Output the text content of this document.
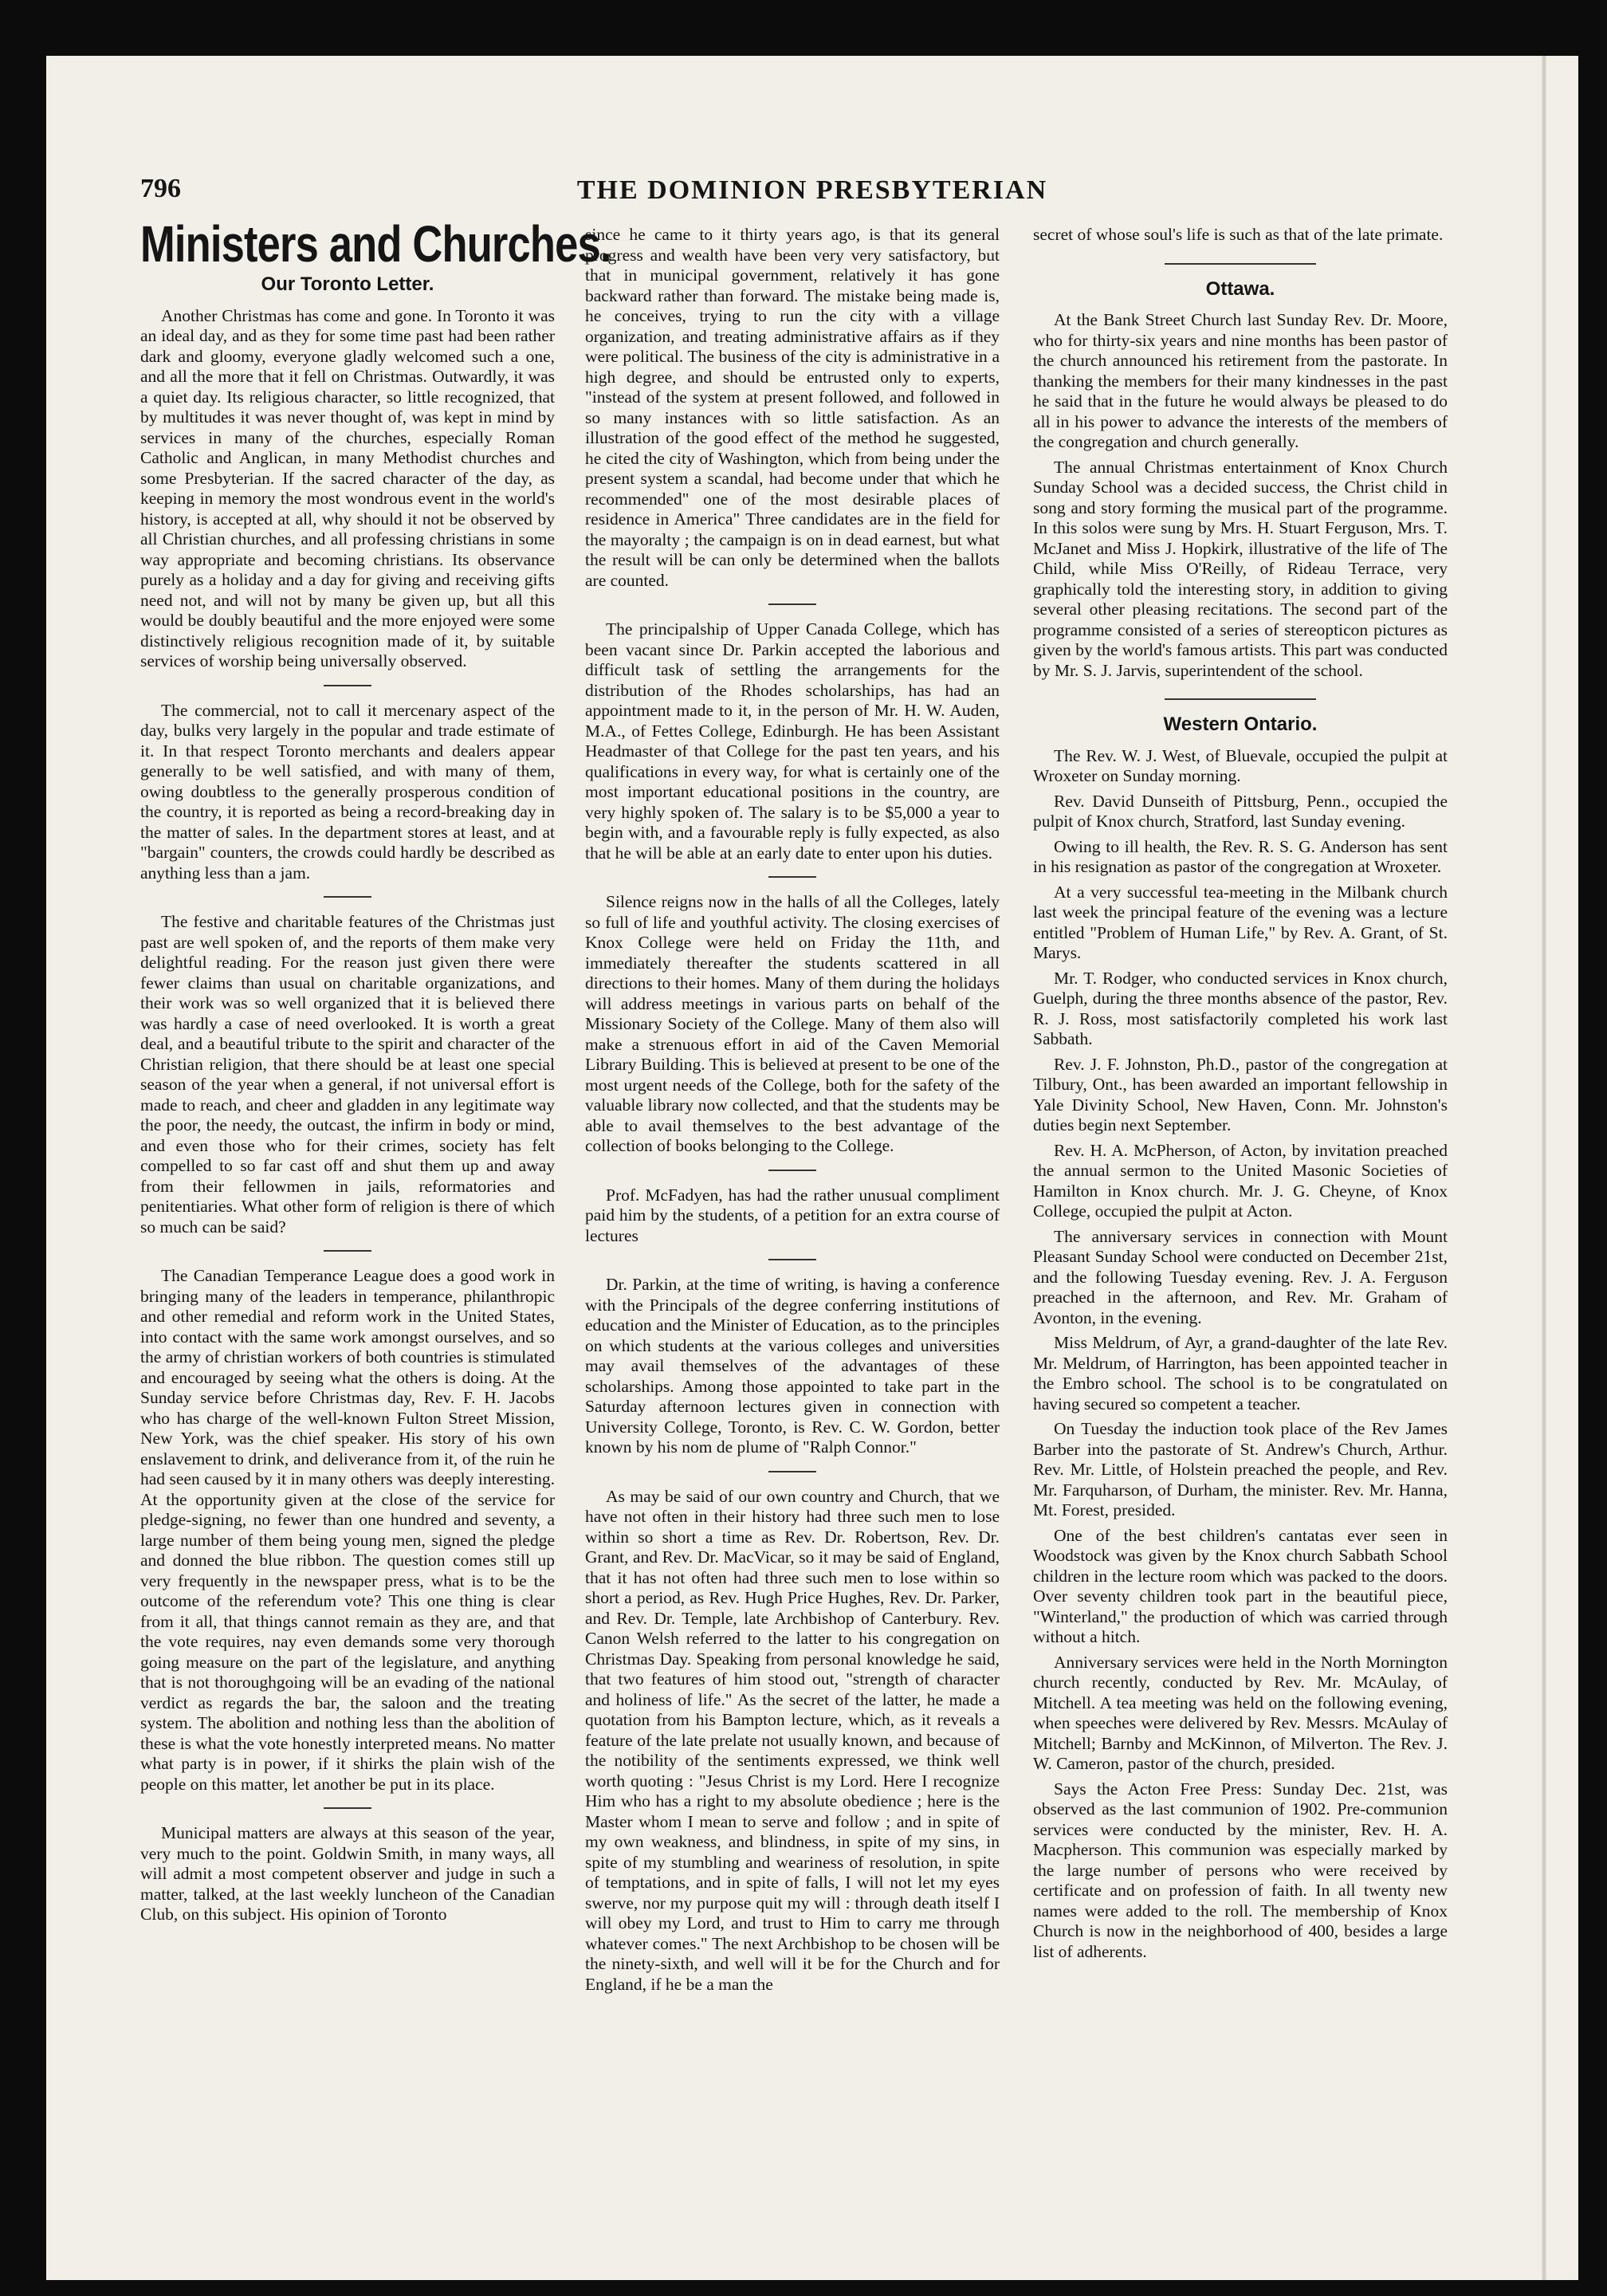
796	THE DOMINION PRESBYTERIAN
Ministers and Churches.
Our Toronto Letter.

Another Christmas has come and gone. In Toronto it was an ideal day, and as they for some time past had been rather dark and gloomy, everyone gladly welcomed such a one, and all the more that it fell on Christmas. Outwardly, it was a quiet day. Its religious character, so little recognized, that by multitudes it was never thought of, was kept in mind by services in many of the churches, especially Roman Catholic and Anglican, in many Methodist churches and some Presbyterian. If the sacred character of the day, as keeping in memory the most wondrous event in the world's history, is accepted at all, why should it not be observed by all Christian churches, and all professing christians in some way appropriate and becoming christians. Its observance purely as a holiday and a day for giving and receiving gifts need not, and will not by many be given up, but all this would be doubly beautiful and the more enjoyed were some distinctively religious recognition made of it, by suitable services of worship being universally observed.

The commercial, not to call it mercenary aspect of the day, bulks very largely in the popular and trade estimate of it. In that respect Toronto merchants and dealers appear generally to be well satisfied, and with many of them, owing doubtless to the generally prosperous condition of the country, it is reported as being a record-breaking day in the matter of sales. In the department stores at least, and at "bargain" counters, the crowds could hardly be described as anything less than a jam.

The festive and charitable features of the Christmas just past are well spoken of, and the reports of them make very delightful reading. For the reason just given there were fewer claims than usual on charitable organizations, and their work was so well organized that it is believed there was hardly a case of need overlooked. It is worth a great deal, and a beautiful tribute to the spirit and character of the Christian religion, that there should be at least one special season of the year when a general, if not universal effort is made to reach, and cheer and gladden in any legitimate way the poor, the needy, the outcast, the infirm in body or mind, and even those who for their crimes, society has felt compelled to so far cast off and shut them up and away from their fellowmen in jails, reformatories and penitentiaries. What other form of religion is there of which so much can be said?

The Canadian Temperance League does a good work in bringing many of the leaders in temperance, philanthropic and other remedial and reform work in the United States, into contact with the same work amongst ourselves, and so the army of christian workers of both countries is stimulated and encouraged by seeing what the others is doing. At the Sunday service before Christmas day, Rev. F. H. Jacobs who has charge of the well-known Fulton Street Mission, New York, was the chief speaker. His story of his own enslavement to drink, and deliverance from it, of the ruin he had seen caused by it in many others was deeply interesting. At the opportunity given at the close of the service for pledge-signing, no fewer than one hundred and seventy, a large number of them being young men, signed the pledge and donned the blue ribbon. The question comes still up very frequently in the newspaper press, what is to be the outcome of the referendum vote? This one thing is clear from it all, that things cannot remain as they are, and that the vote requires, nay even demands some very thorough going measure on the part of the legislature, and anything that is not thoroughgoing will be an evading of the national verdict as regards the bar, the saloon and the treating system. The abolition and nothing less than the abolition of these is what the vote honestly interpreted means. No matter what party is in power, if it shirks the plain wish of the people on this matter, let another be put in its place.

Municipal matters are always at this season of the year, very much to the point. Goldwin Smith, in many ways, all will admit a most competent observer and judge in such a matter, talked, at the last weekly luncheon of the Canadian Club, on this subject. His opinion of Toronto

since he came to it thirty years ago, is that its general progress and wealth have been very very satisfactory, but that in municipal government, relatively it has gone backward rather than forward. The mistake being made is, he conceives, trying to run the city with a village organization, and treating administrative affairs as if they were political. The business of the city is administrative in a high degree, and should be entrusted only to experts, "instead of the system at present followed, and followed in so many instances with so little satisfaction. As an illustration of the good effect of the method he suggested, he cited the city of Washington, which from being under the present system a scandal, had become under that which he recommended" one of the most desirable places of residence in America" Three candidates are in the field for the mayoralty ; the campaign is on in dead earnest, but what the result will be can only be determined when the ballots are counted.

The principalship of Upper Canada College, which has been vacant since Dr. Parkin accepted the laborious and difficult task of settling the arrangements for the distribution of the Rhodes scholarships, has had an appointment made to it, in the person of Mr. H. W. Auden, M.A., of Fettes College, Edinburgh. He has been Assistant Headmaster of that College for the past ten years, and his qualifications in every way, for what is certainly one of the most important educational positions in the country, are very highly spoken of. The salary is to be $5,000 a year to begin with, and a favourable reply is fully expected, as also that he will be able at an early date to enter upon his duties.

Silence reigns now in the halls of all the Colleges, lately so full of life and youthful activity. The closing exercises of Knox College were held on Friday the 11th, and immediately thereafter the students scattered in all directions to their homes. Many of them during the holidays will address meetings in various parts on behalf of the Missionary Society of the College. Many of them also will make a strenuous effort in aid of the Caven Memorial Library Building. This is believed at present to be one of the most urgent needs of the College, both for the safety of the valuable library now collected, and that the students may be able to avail themselves to the best advantage of the collection of books belonging to the College.

Prof. McFadyen, has had the rather unusual compliment paid him by the students, of a petition for an extra course of lectures

Dr. Parkin, at the time of writing, is having a conference with the Principals of the degree conferring institutions of education and the Minister of Education, as to the principles on which students at the various colleges and universities may avail themselves of the advantages of these scholarships. Among those appointed to take part in the Saturday afternoon lectures given in connection with University College, Toronto, is Rev. C. W. Gordon, better known by his nom de plume of "Ralph Connor."

As may be said of our own country and Church, that we have not often in their history had three such men to lose within so short a time as Rev. Dr. Robertson, Rev. Dr. Grant, and Rev. Dr. MacVicar, so it may be said of England, that it has not often had three such men to lose within so short a period, as Rev. Hugh Price Hughes, Rev. Dr. Parker, and Rev. Dr. Temple, late Archbishop of Canterbury. Rev. Canon Welsh referred to the latter to his congregation on Christmas Day. Speaking from personal knowledge he said, that two features of him stood out, "strength of character and holiness of life." As the secret of the latter, he made a quotation from his Bampton lecture, which, as it reveals a feature of the late prelate not usually known, and because of the notibility of the sentiments expressed, we think well worth quoting : "Jesus Christ is my Lord. Here I recognize Him who has a right to my absolute obedience ; here is the Master whom I mean to serve and follow ; and in spite of my own weakness, and blindness, in spite of my sins, in spite of my stumbling and weariness of resolution, in spite of temptations, and in spite of falls, I will not let my eyes swerve, nor my purpose quit my will : through death itself I will obey my Lord, and trust to Him to carry me through whatever comes." The next Archbishop to be chosen will be the ninety-sixth, and well will it be for the Church and for England, if he be a man the

secret of whose soul's life is such as that of the late primate.

Ottawa.

At the Bank Street Church last Sunday Rev. Dr. Moore, who for thirty-six years and nine months has been pastor of the church announced his retirement from the pastorate. In thanking the members for their many kindnesses in the past he said that in the future he would always be pleased to do all in his power to advance the interests of the members of the congregation and church generally.

The annual Christmas entertainment of Knox Church Sunday School was a decided success, the Christ child in song and story forming the musical part of the programme. In this solos were sung by Mrs. H. Stuart Ferguson, Mrs. T. McJanet and Miss J. Hopkirk, illustrative of the life of The Child, while Miss O'Reilly, of Rideau Terrace, very graphically told the interesting story, in addition to giving several other pleasing recitations. The second part of the programme consisted of a series of stereopticon pictures as given by the world's famous artists. This part was conducted by Mr. S. J. Jarvis, superintendent of the school.

Western Ontario.

The Rev. W. J. West, of Bluevale, occupied the pulpit at Wroxeter on Sunday morning.

Rev. David Dunseith of Pittsburg, Penn., occupied the pulpit of Knox church, Stratford, last Sunday evening.

Owing to ill health, the Rev. R. S. G. Anderson has sent in his resignation as pastor of the congregation at Wroxeter.

At a very successful tea-meeting in the Milbank church last week the principal feature of the evening was a lecture entitled "Problem of Human Life," by Rev. A. Grant, of St. Marys.

Mr. T. Rodger, who conducted services in Knox church, Guelph, during the three months absence of the pastor, Rev. R. J. Ross, most satisfactorily completed his work last Sabbath.

Rev. J. F. Johnston, Ph.D., pastor of the congregation at Tilbury, Ont., has been awarded an important fellowship in Yale Divinity School, New Haven, Conn. Mr. Johnston's duties begin next September.

Rev. H. A. McPherson, of Acton, by invitation preached the annual sermon to the United Masonic Societies of Hamilton in Knox church. Mr. J. G. Cheyne, of Knox College, occupied the pulpit at Acton.

The anniversary services in connection with Mount Pleasant Sunday School were conducted on December 21st, and the following Tuesday evening. Rev. J. A. Ferguson preached in the afternoon, and Rev. Mr. Graham of Avonton, in the evening.

Miss Meldrum, of Ayr, a grand-daughter of the late Rev. Mr. Meldrum, of Harrington, has been appointed teacher in the Embro school. The school is to be congratulated on having secured so competent a teacher.

On Tuesday the induction took place of the Rev James Barber into the pastorate of St. Andrew's Church, Arthur. Rev. Mr. Little, of Holstein preached the people, and Rev. Mr. Farquharson, of Durham, the minister. Rev. Mr. Hanna, Mt. Forest, presided.

One of the best children's cantatas ever seen in Woodstock was given by the Knox church Sabbath School children in the lecture room which was packed to the doors. Over seventy children took part in the beautiful piece, "Winterland," the production of which was carried through without a hitch.

Anniversary services were held in the North Mornington church recently, conducted by Rev. Mr. McAulay, of Mitchell. A tea meeting was held on the following evening, when speeches were delivered by Rev. Messrs. McAulay of Mitchell; Barnby and McKinnon, of Milverton. The Rev. J. W. Cameron, pastor of the church, presided.

Says the Acton Free Press: Sunday Dec. 21st, was observed as the last communion of 1902. Pre-communion services were conducted by the minister, Rev. H. A. Macpherson. This communion was especially marked by the large number of persons who were received by certificate and on profession of faith. In all twenty new names were added to the roll. The membership of Knox Church is now in the neighborhood of 400, besides a large list of adherents.
